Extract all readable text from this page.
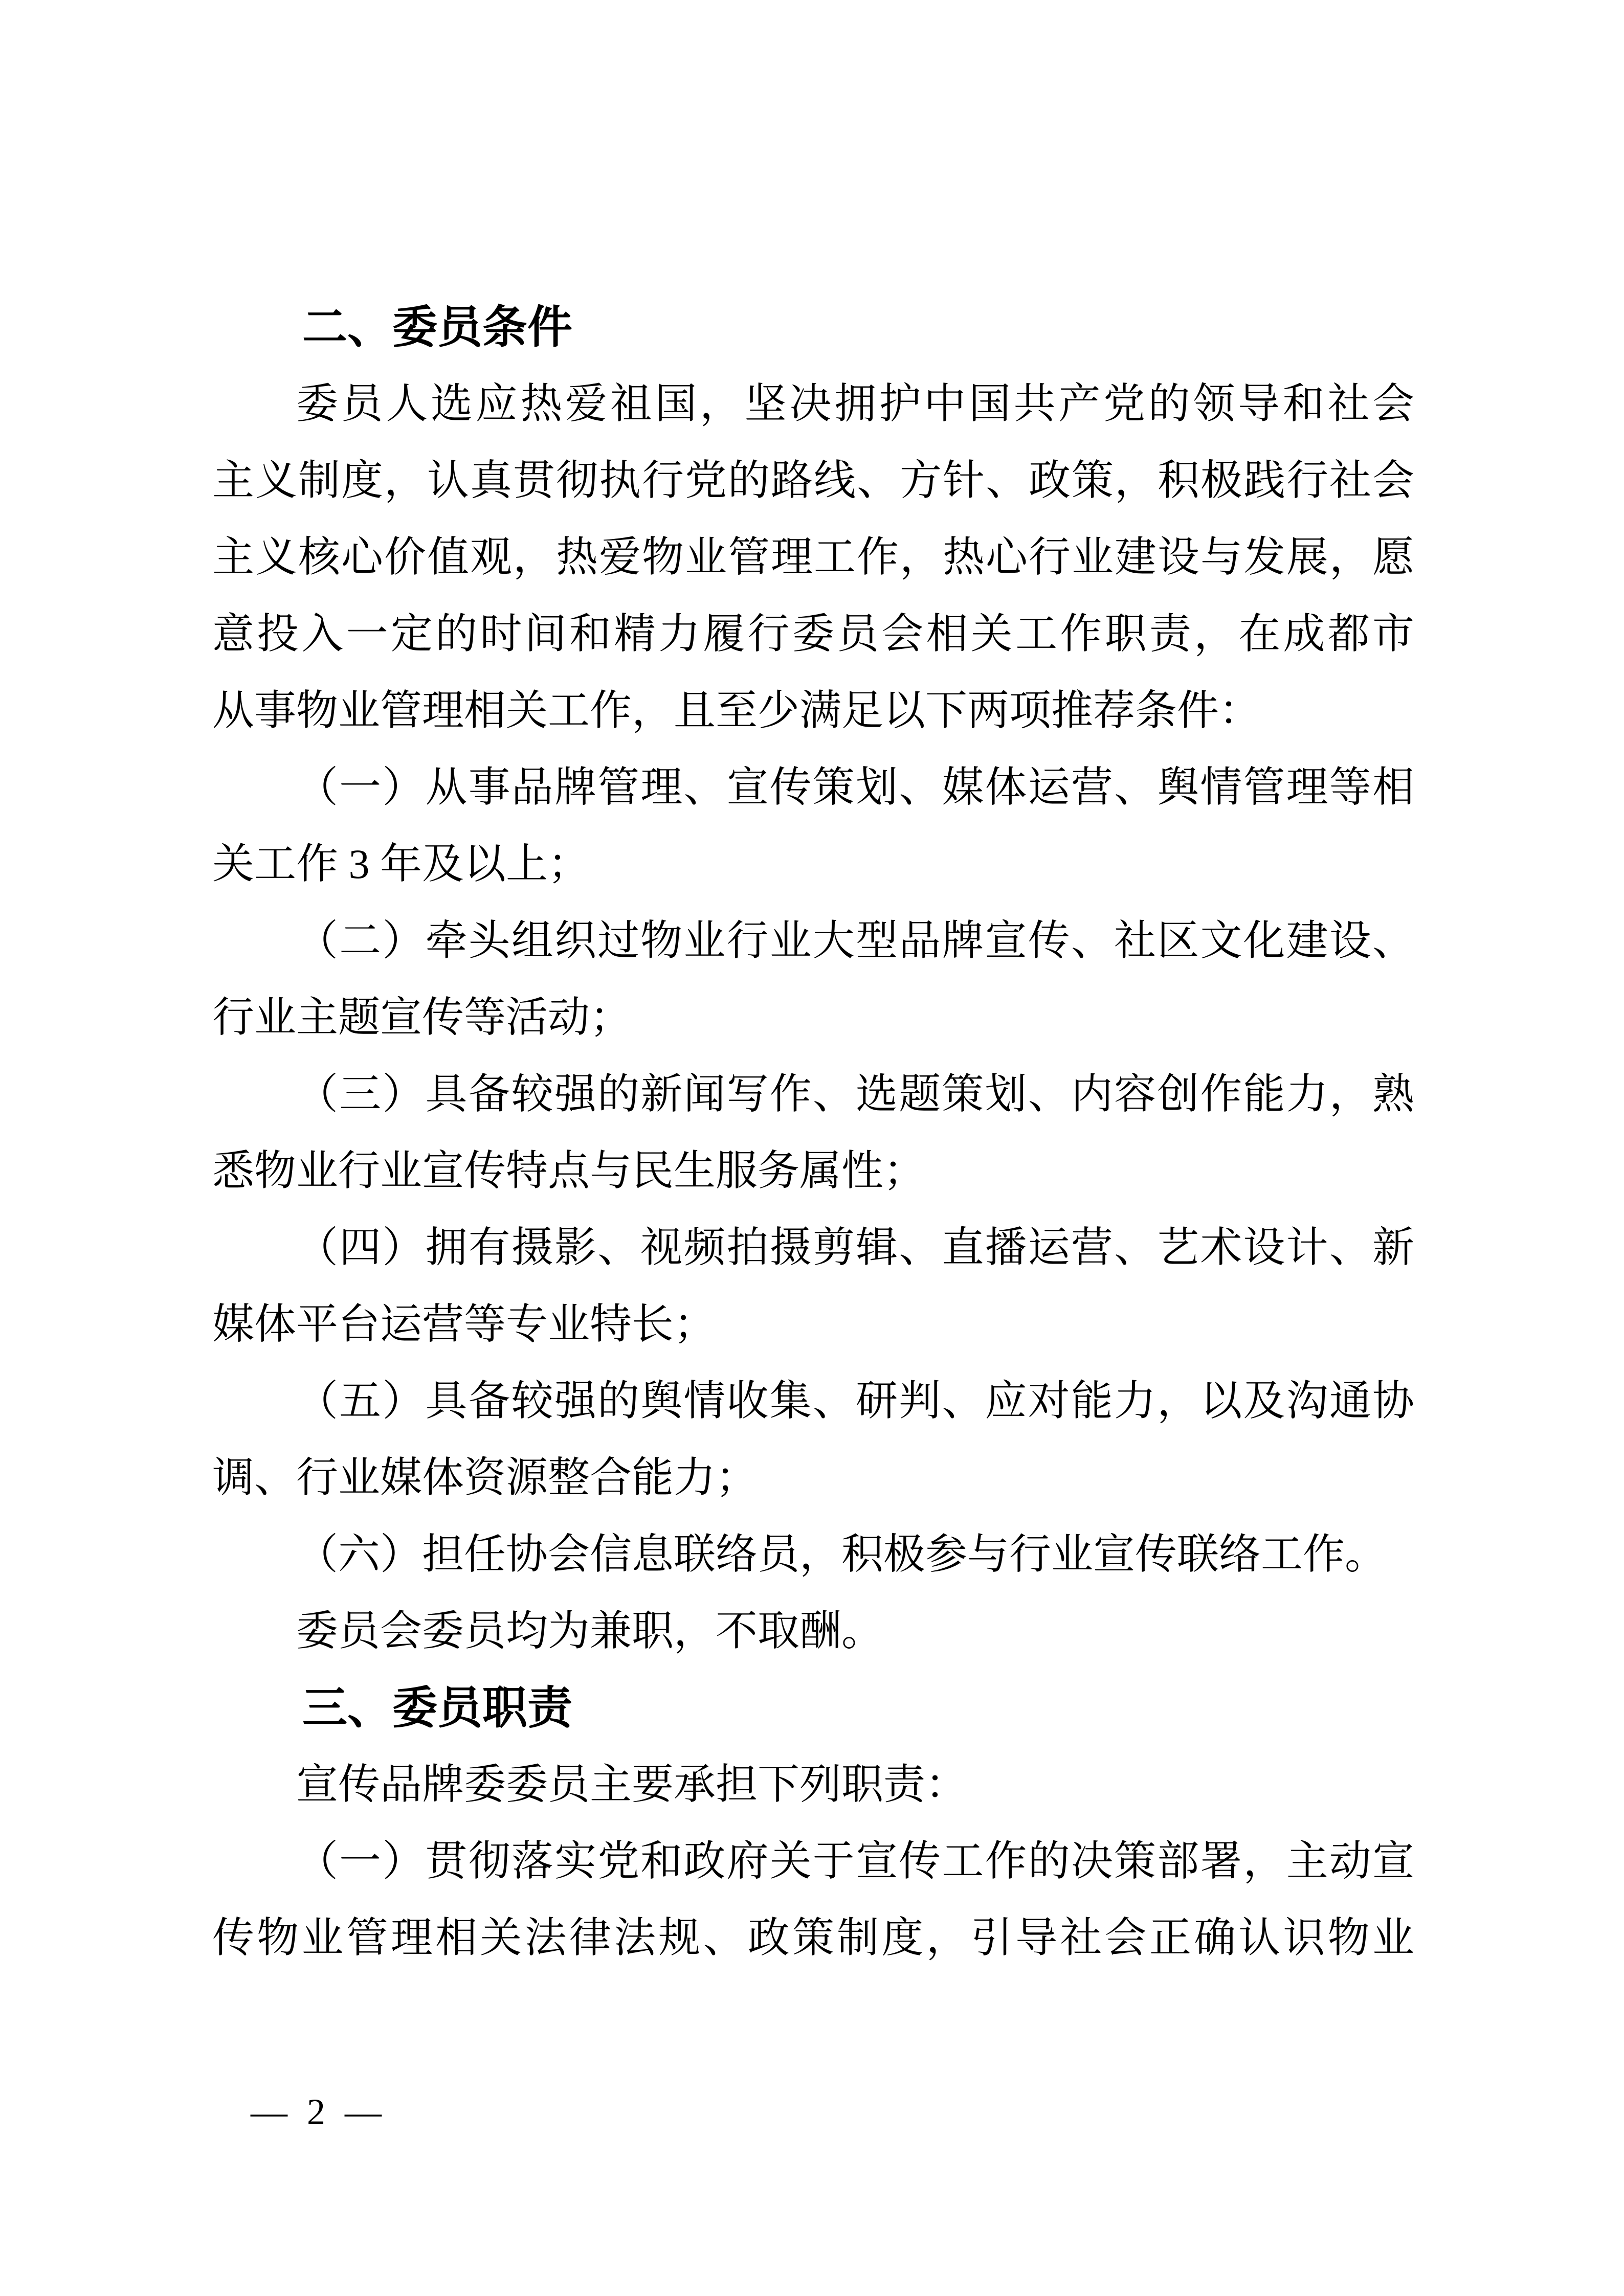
二、委员条件
委员人选应热爱祖国，坚决拥护中国共产党的领导和社会
主义制度，认真贯彻执行党的路线、方针、政策，积极践行社会
主义核心价值观，热爱物业管理工作，热心行业建设与发展，愿
意投入一定的时间和精力履行委员会相关工作职责，在成都市
从事物业管理相关工作，且至少满足以下两项推荐条件：
（一）从事品牌管理、宣传策划、媒体运营、舆情管理等相
关工作 3 年及以上；
（二）牵头组织过物业行业大型品牌宣传、社区文化建设、
行业主题宣传等活动；
（三）具备较强的新闻写作、选题策划、内容创作能力，熟
悉物业行业宣传特点与民生服务属性；
（四）拥有摄影、视频拍摄剪辑、直播运营、艺术设计、新
媒体平台运营等专业特长；
（五）具备较强的舆情收集、研判、应对能力，以及沟通协
调、行业媒体资源整合能力；
（六）担任协会信息联络员，积极参与行业宣传联络工作。
委员会委员均为兼职，不取酬。
三、委员职责
宣传品牌委委员主要承担下列职责：
（一）贯彻落实党和政府关于宣传工作的决策部署，主动宣
传物业管理相关法律法规、政策制度，引导社会正确认识物业
— 2 —
